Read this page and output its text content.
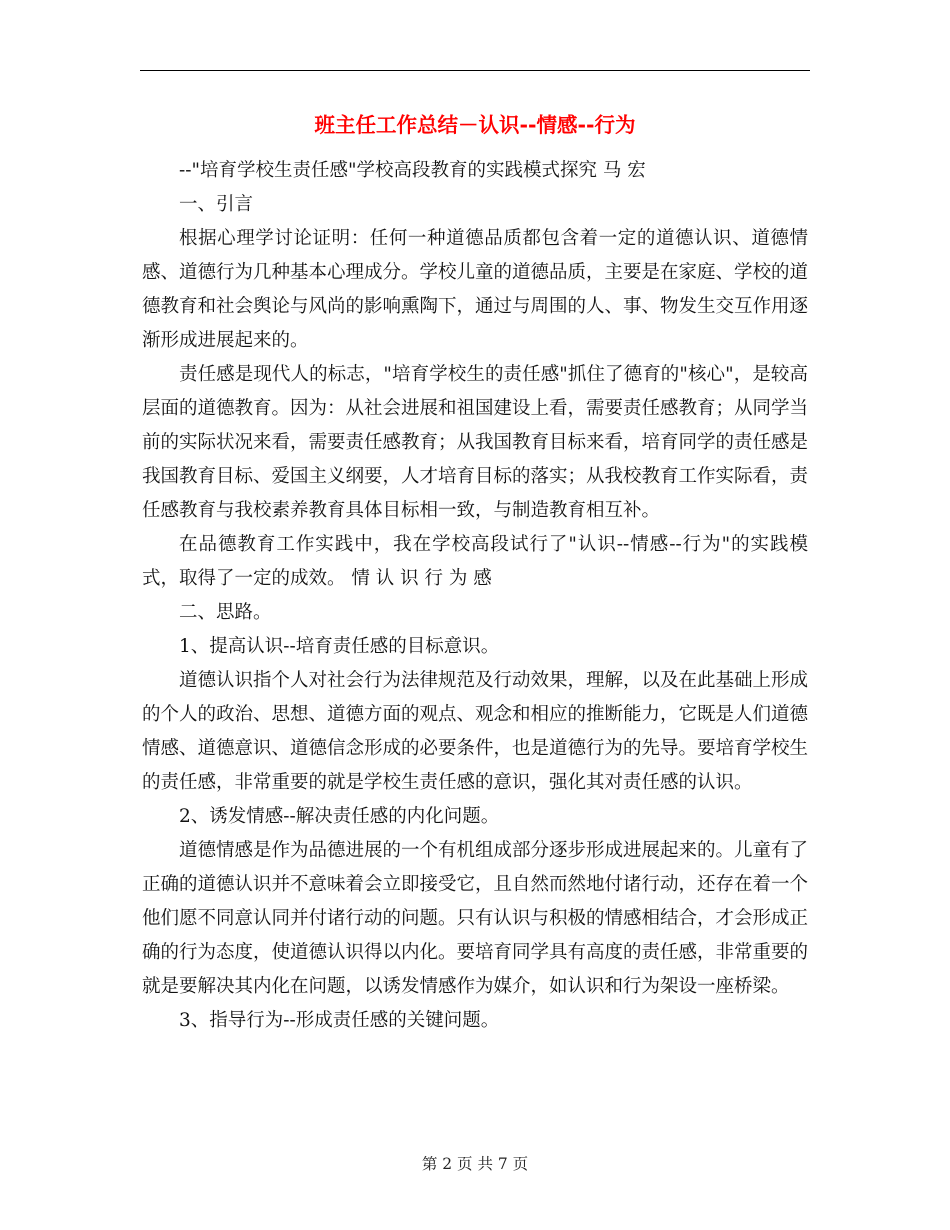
班主任工作总结－认识--情感--行为

--"培育学校生责任感"学校高段教育的实践模式探究 马 宏

一、引言

根据心理学讨论证明：任何一种道德品质都包含着一定的道德认识、道德情感、道德行为几种基本心理成分。学校儿童的道德品质，主要是在家庭、学校的道德教育和社会舆论与风尚的影响熏陶下，通过与周围的人、事、物发生交互作用逐渐形成进展起来的。

责任感是现代人的标志，"培育学校生的责任感"抓住了德育的"核心"，是较高层面的道德教育。因为：从社会进展和祖国建设上看，需要责任感教育；从同学当前的实际状况来看，需要责任感教育；从我国教育目标来看，培育同学的责任感是我国教育目标、爱国主义纲要，人才培育目标的落实；从我校教育工作实际看，责任感教育与我校素养教育具体目标相一致，与制造教育相互补。

在品德教育工作实践中，我在学校高段试行了"认识--情感--行为"的实践模式，取得了一定的成效。 情 认 识 行 为 感

二、思路。

1、提高认识--培育责任感的目标意识。

道德认识指个人对社会行为法律规范及行动效果，理解，以及在此基础上形成的个人的政治、思想、道德方面的观点、观念和相应的推断能力，它既是人们道德情感、道德意识、道德信念形成的必要条件，也是道德行为的先导。要培育学校生的责任感，非常重要的就是学校生责任感的意识，强化其对责任感的认识。

2、诱发情感--解决责任感的内化问题。

道德情感是作为品德进展的一个有机组成部分逐步形成进展起来的。儿童有了正确的道德认识并不意味着会立即接受它，且自然而然地付诸行动，还存在着一个他们愿不同意认同并付诸行动的问题。只有认识与积极的情感相结合，才会形成正确的行为态度，使道德认识得以内化。要培育同学具有高度的责任感，非常重要的就是要解决其内化在问题，以诱发情感作为媒介，如认识和行为架设一座桥梁。

3、指导行为--形成责任感的关键问题。

第 2 页 共 7 页
